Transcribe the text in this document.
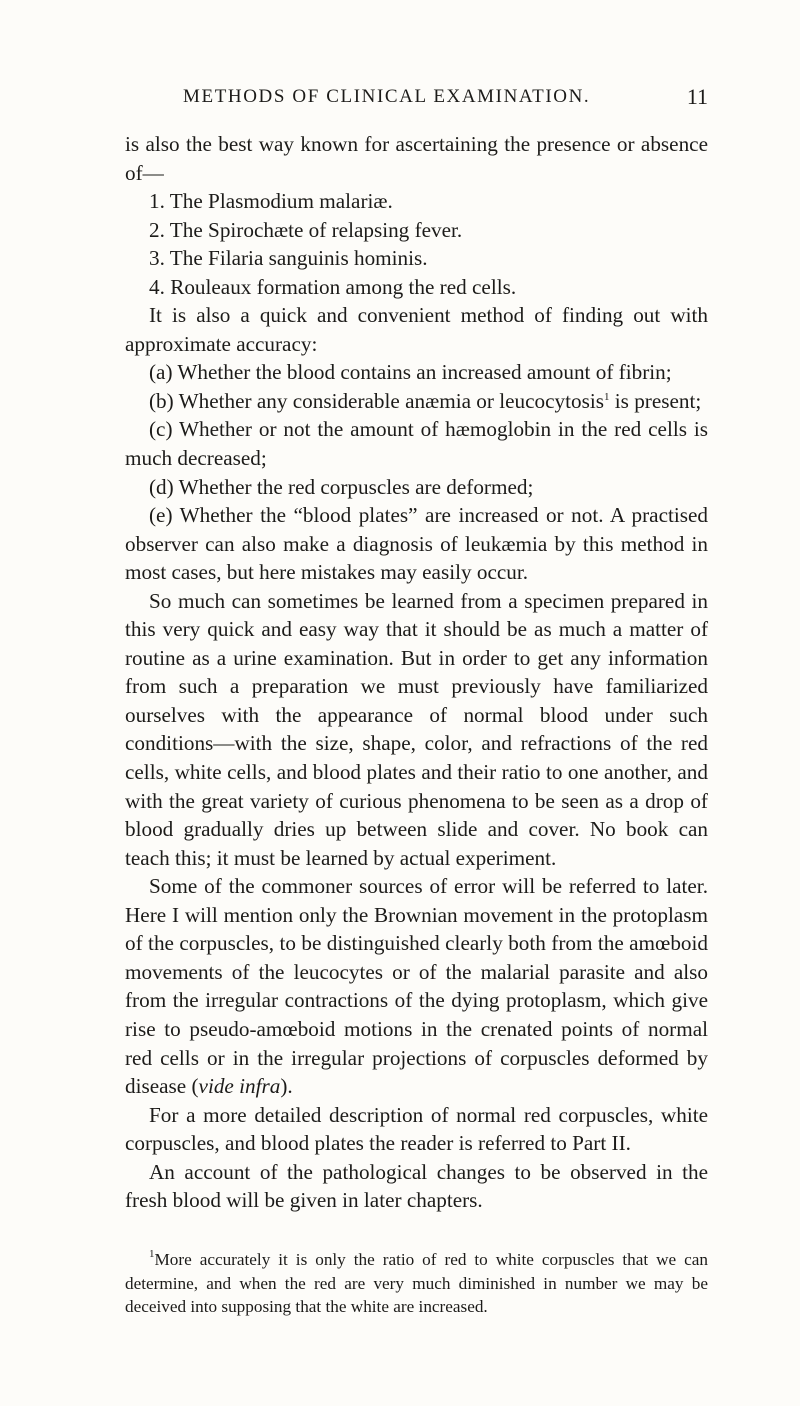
METHODS OF CLINICAL EXAMINATION.	11

is also the best way known for ascertaining the presence or absence of—

1. The Plasmodium malariæ.

2. The Spirochæte of relapsing fever.

3. The Filaria sanguinis hominis.

4. Rouleaux formation among the red cells.

It is also a quick and convenient method of finding out with approximate accuracy:

(a) Whether the blood contains an increased amount of fibrin;

(b) Whether any considerable anæmia or leucocytosis$^1$ is present;

(c) Whether or not the amount of hæmoglobin in the red cells is much decreased;

(d) Whether the red corpuscles are deformed;

(e) Whether the “blood plates” are increased or not. A practised observer can also make a diagnosis of leukæmia by this method in most cases, but here mistakes may easily occur.

So much can sometimes be learned from a specimen prepared in this very quick and easy way that it should be as much a matter of routine as a urine examination. But in order to get any information from such a preparation we must previously have familiarized ourselves with the appearance of normal blood under such conditions—with the size, shape, color, and refractions of the red cells, white cells, and blood plates and their ratio to one another, and with the great variety of curious phenomena to be seen as a drop of blood gradually dries up between slide and cover. No book can teach this; it must be learned by actual experiment.

Some of the commoner sources of error will be referred to later. Here I will mention only the Brownian movement in the protoplasm of the corpuscles, to be distinguished clearly both from the amœboid movements of the leucocytes or of the malarial parasite and also from the irregular contractions of the dying protoplasm, which give rise to pseudo-amœboid motions in the crenated points of normal red cells or in the irregular projections of corpuscles deformed by disease (vide infra).

For a more detailed description of normal red corpuscles, white corpuscles, and blood plates the reader is referred to Part II.

An account of the pathological changes to be observed in the fresh blood will be given in later chapters.

$^1$More accurately it is only the ratio of red to white corpuscles that we can determine, and when the red are very much diminished in number we may be deceived into supposing that the white are increased.
